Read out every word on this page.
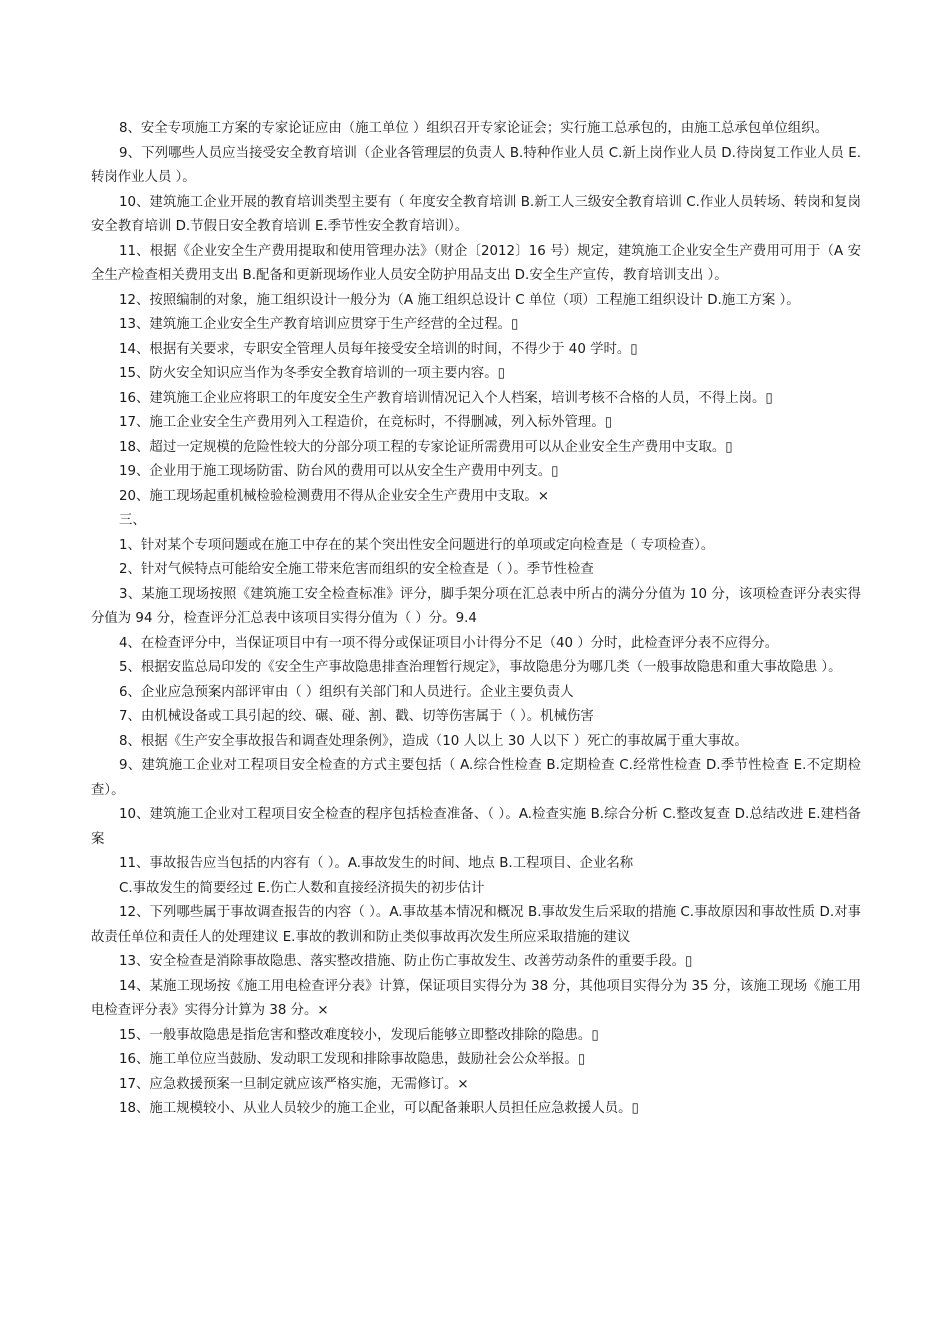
8、安全专项施工方案的专家论证应由（施工单位 ）组织召开专家论证会；实行施工总承包的，由施工总承包单位组织。

9、下列哪些人员应当接受安全教育培训（企业各管理层的负责人 B.特种作业人员 C.新上岗作业人员 D.待岗复工作业人员 E.转岗作业人员 ）。

10、建筑施工企业开展的教育培训类型主要有（ 年度安全教育培训 B.新工人三级安全教育培训 C.作业人员转场、转岗和复岗安全教育培训 D.节假日安全教育培训 E.季节性安全教育培训）。

11、根据《企业安全生产费用提取和使用管理办法》（财企〔2012〕16 号）规定，建筑施工企业安全生产费用可用于（A 安全生产检查相关费用支出 B.配备和更新现场作业人员安全防护用品支出 D.安全生产宣传，教育培训支出 ）。

12、按照编制的对象，施工组织设计一般分为（A 施工组织总设计 C 单位（项）工程施工组织设计 D.施工方案 ）。

13、建筑施工企业安全生产教育培训应贯穿于生产经营的全过程。▯

14、根据有关要求，专职安全管理人员每年接受安全培训的时间，不得少于 40 学时。▯

15、防火安全知识应当作为冬季安全教育培训的一项主要内容。▯

16、建筑施工企业应将职工的年度安全生产教育培训情况记入个人档案，培训考核不合格的人员，不得上岗。▯

17、施工企业安全生产费用列入工程造价，在竞标时，不得删减，列入标外管理。▯

18、超过一定规模的危险性较大的分部分项工程的专家论证所需费用可以从企业安全生产费用中支取。▯

19、企业用于施工现场防雷、防台风的费用可以从安全生产费用中列支。▯

20、施工现场起重机械检验检测费用不得从企业安全生产费用中支取。×

三、

1、针对某个专项问题或在施工中存在的某个突出性安全问题进行的单项或定向检查是（ 专项检查）。

2、针对气候特点可能给安全施工带来危害而组织的安全检查是（ ）。季节性检查

3、某施工现场按照《建筑施工安全检查标准》评分，脚手架分项在汇总表中所占的满分分值为 10 分，该项检查评分表实得分值为 94 分，检查评分汇总表中该项目实得分值为（ ）分。9.4

4、在检查评分中，当保证项目中有一项不得分或保证项目小计得分不足（40 ）分时，此检查评分表不应得分。

5、根据安监总局印发的《安全生产事故隐患排查治理暂行规定》，事故隐患分为哪几类（一般事故隐患和重大事故隐患 ）。

6、企业应急预案内部评审由（ ）组织有关部门和人员进行。企业主要负责人

7、由机械设备或工具引起的绞、碾、碰、割、戳、切等伤害属于（ ）。机械伤害

8、根据《生产安全事故报告和调查处理条例》，造成（10 人以上 30 人以下 ）死亡的事故属于重大事故。

9、建筑施工企业对工程项目安全检查的方式主要包括（ A.综合性检查 B.定期检查 C.经常性检查 D.季节性检查 E.不定期检查）。

10、建筑施工企业对工程项目安全检查的程序包括检查准备、（ ）。A.检查实施 B.综合分析 C.整改复查 D.总结改进 E.建档备案

11、事故报告应当包括的内容有（ ）。A.事故发生的时间、地点 B.工程项目、企业名称

C.事故发生的简要经过 E.伤亡人数和直接经济损失的初步估计

12、下列哪些属于事故调查报告的内容（ ）。A.事故基本情况和概况 B.事故发生后采取的措施 C.事故原因和事故性质 D.对事故责任单位和责任人的处理建议 E.事故的教训和防止类似事故再次发生所应采取措施的建议

13、安全检查是消除事故隐患、落实整改措施、防止伤亡事故发生、改善劳动条件的重要手段。▯

14、某施工现场按《施工用电检查评分表》计算，保证项目实得分为 38 分，其他项目实得分为 35 分，该施工现场《施工用电检查评分表》实得分计算为 38 分。×

15、一般事故隐患是指危害和整改难度较小，发现后能够立即整改排除的隐患。▯

16、施工单位应当鼓励、发动职工发现和排除事故隐患，鼓励社会公众举报。▯

17、应急救援预案一旦制定就应该严格实施，无需修订。×

18、施工规模较小、从业人员较少的施工企业，可以配备兼职人员担任应急救援人员。▯
